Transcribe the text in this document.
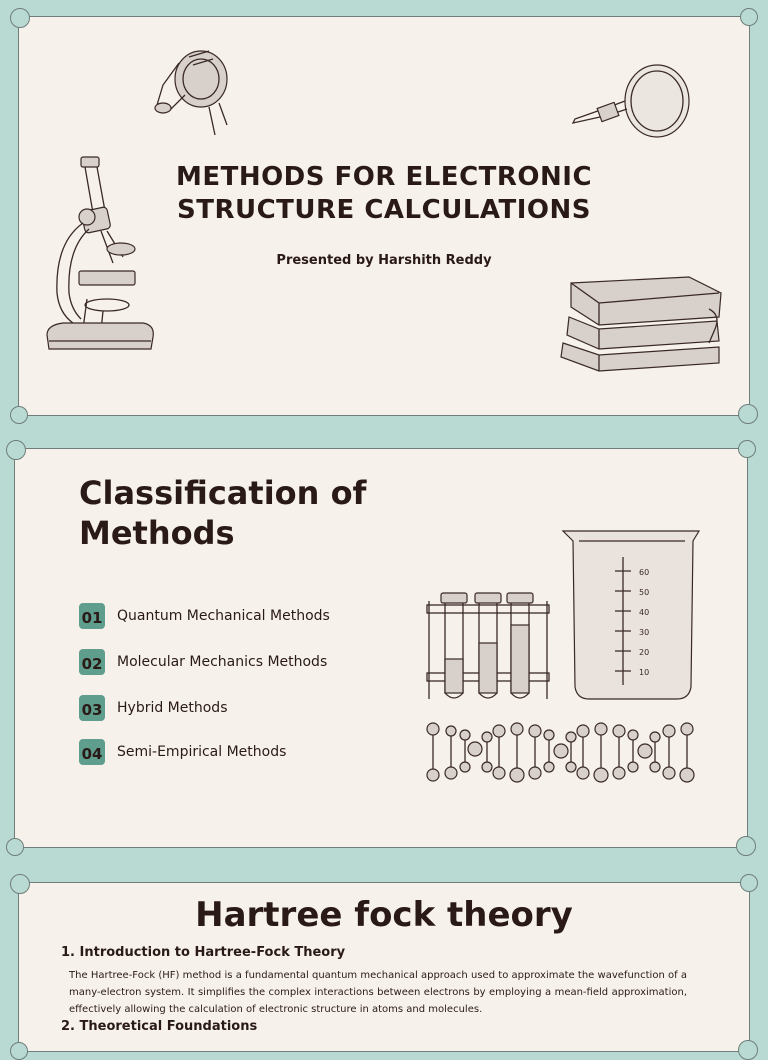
METHODS FOR ELECTRONIC
STRUCTURE CALCULATIONS
Presented by Harshith Reddy
Classification of
Methods
01 Quantum Mechanical Methods
02 Molecular Mechanics Methods
03 Hybrid Methods
04 Semi-Empirical Methods
60
50
40
30
20
10
Hartree fock theory
1. Introduction to Hartree-Fock Theory
The Hartree-Fock (HF) method is a fundamental quantum mechanical approach used to approximate the wavefunction of a many-electron system. It simplifies the complex interactions between electrons by employing a mean-field approximation, effectively allowing the calculation of electronic structure in atoms and molecules.
2. Theoretical Foundations
